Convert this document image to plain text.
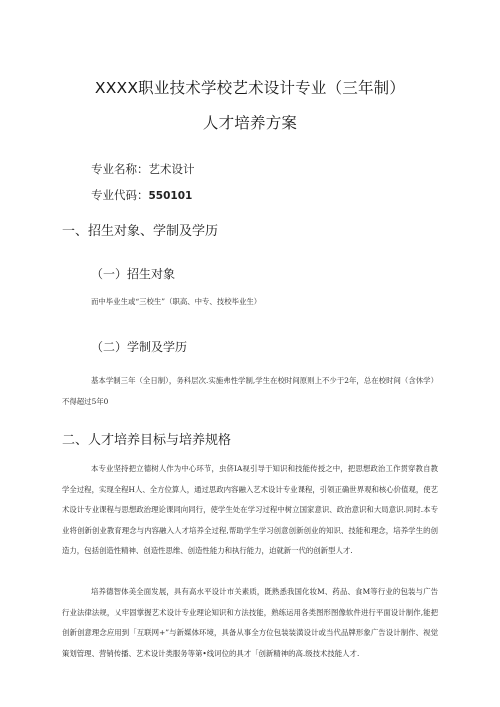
XXXX职业技术学校艺术设计专业（三年制）
人才培养方案
专业名称：艺术设计
专业代码：550101
一、招生对象、学制及学历
（一）招生对象
而中毕业生或“三校生”（职高、中专、技校毕业生）
（二）学制及学历
基本学制三年（全日制），务科层次.实施弗性学制,学生在校时间原则上不少于2年，总在校时间（含休学）不得超过5年0
二、人才培养目标与培养规格
本专业坚持把立德树人作为中心环节，虫侪IA视引导于知识和技能传授之中，把思想政治工作贯穿教自教学全过程，实现全程H人、全方位算人，通过思政内容融入艺术设计专业课程，引领正确世界观和核心价值观，使艺术设计专业课程与思想政治理论课同向同行，使学生处在学习过程中树立国家意识、政治意识和大局意识.同时.本专业将创新创业教育理念与内容融入人才培养全过程,帮助学生学习创意创新创业的知识、技能和理念，培养学生的创造力，包括创造性精神、创造性思维、创造性能力和执行能力，迫就新一代的创新型人才.
培养德智体美全面发展，具有高水平设计市关素质，既熟悉我国化妆M、药品、食M等行业的包装与广告行业法律法规，乂牢固掌握艺术设计专业理论知识和方法技能，熟练运用各类图形图像软件进行平面设计制作,能把创新创意理念应用到「互联网+”与新媒体环境，具备从事全方位包装装潢设计或当代品牌形象广告设计制作、视觉策划管理、营销传播、艺术设计类服务等第•线诃位的具才「创新精神的高.级技术技能人才.
